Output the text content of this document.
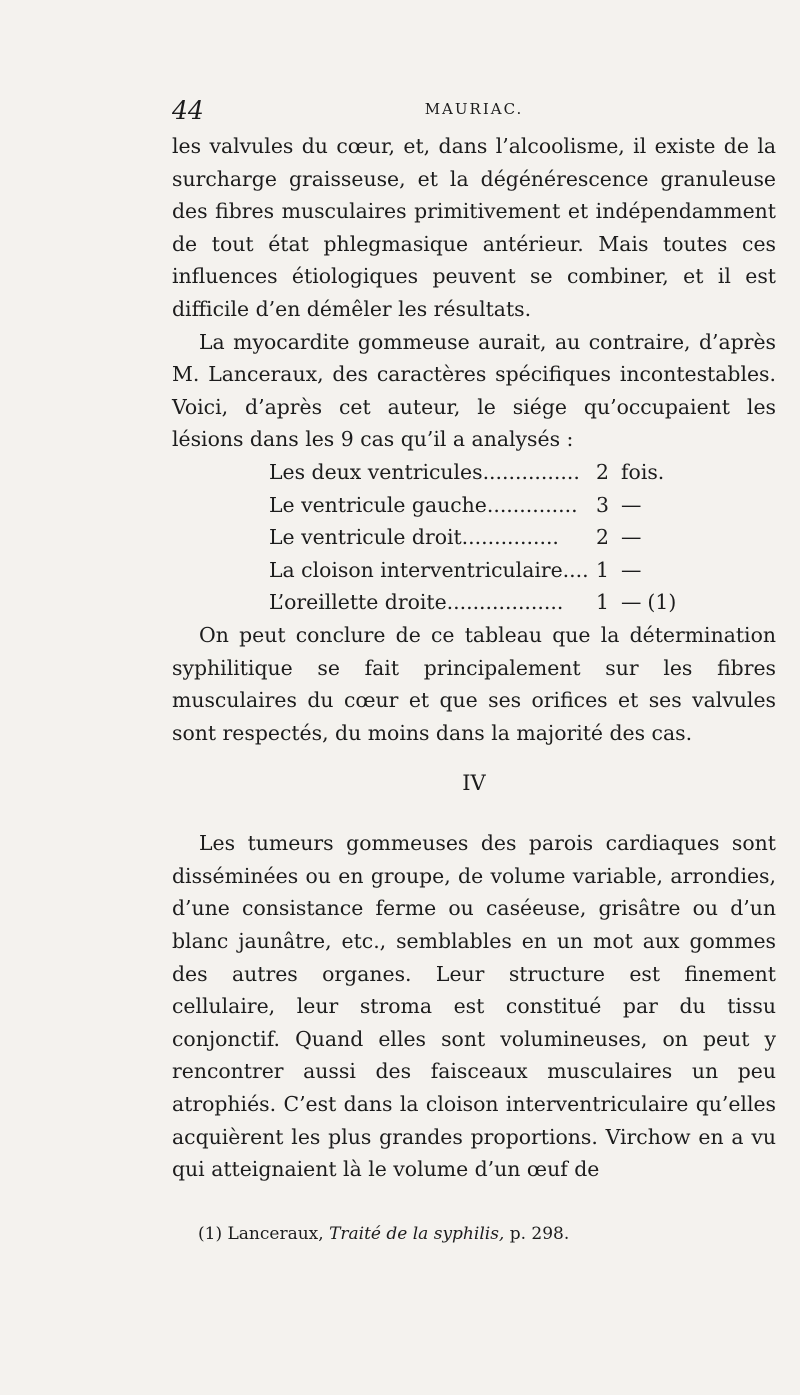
44	MAURIAC.

les valvules du cœur, et, dans l’alcoolisme, il existe de la surcharge graisseuse, et la dégénérescence granuleuse des fibres musculaires primitivement et indépendamment de tout état phlegmasique antérieur. Mais toutes ces influences étiologiques peuvent se combiner, et il est difficile d’en démêler les résultats.

La myocardite gommeuse aurait, au contraire, d’après M. Lanceraux, des caractères spécifiques incontestables. Voici, d’après cet auteur, le siége qu’occupaient les lésions dans les 9 cas qu’il a analysés :

Les deux ventricules............... 2 fois.
Le ventricule gauche.............. 3 —
Le ventricule droit...............	2 —
La cloison interventriculaire.... 1 —
L’oreillette droite..................	1 — (1)

On peut conclure de ce tableau que la détermination syphilitique se fait principalement sur les fibres musculaires du cœur et que ses orifices et ses valvules sont respectés, du moins dans la majorité des cas.

IV

Les tumeurs gommeuses des parois cardiaques sont disséminées ou en groupe, de volume variable, arrondies, d’une consistance ferme ou caséeuse, grisâtre ou d’un blanc jaunâtre, etc., semblables en un mot aux gommes des autres organes. Leur structure est finement cellulaire, leur stroma est constitué par du tissu conjonctif. Quand elles sont volumineuses, on peut y rencontrer aussi des faisceaux musculaires un peu atrophiés. C’est dans la cloison interventriculaire qu’elles acquièrent les plus grandes proportions. Virchow en a vu qui atteignaient là le volume d’un œuf de

(1) Lanceraux, Traité de la syphilis, p. 298.
